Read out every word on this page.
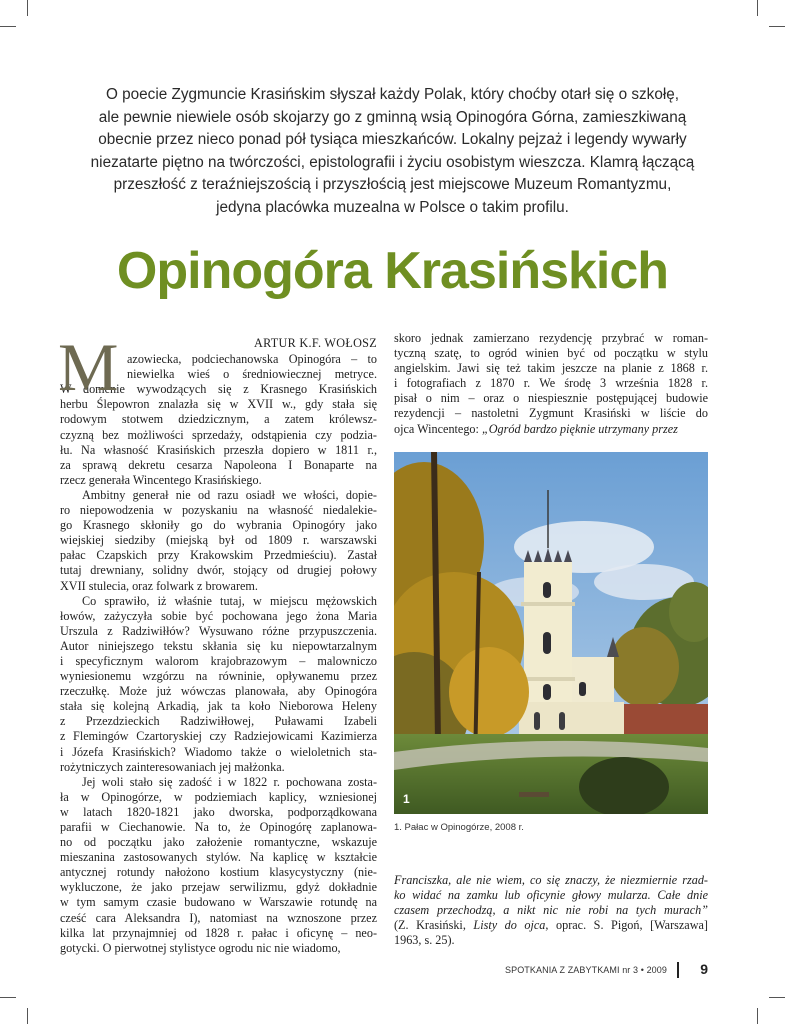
O poecie Zygmuncie Krasińskim słyszał każdy Polak, który choćby otarł się o szkołę,
ale pewnie niewiele osób skojarzy go z gminną wsią Opinogóra Górna, zamieszkiwaną
obecnie przez nieco ponad pół tysiąca mieszkańców. Lokalny pejzaż i legendy wywarły
niezatarte piętno na twórczości, epistolografii i życiu osobistym wieszcza. Klamrą łączącą
przeszłość z teraźniejszością i przyszłością jest miejscowe Muzeum Romantyzmu,
jedyna placówka muzealna w Polsce o takim profilu.
Opinogóra Krasińskich
ARTUR K.F. WOŁOSZ
M azowiecka, podciechanowska Opinogóra – to
niewielka wieś o średniowiecznej metryce.
W domenie wywodzących się z Krasnego Krasińskich
herbu Ślepowron znalazła się w XVII w., gdy stała się
rodowym stotwem dziedzicznym, a zatem królewsz-
czyzną bez możliwości sprzedaży, odstąpienia czy podzia-
łu. Na własność Krasińskich przeszła dopiero w 1811 r.,
za sprawą dekretu cesarza Napoleona I Bonaparte na
rzecz generała Wincentego Krasińskiego.
Ambitny generał nie od razu osiadł we włości, dopie-
ro niepowodzenia w pozyskaniu na własność niedalekie-
go Krasnego skłoniły go do wybrania Opinogóry jako
wiejskiej siedziby (miejską był od 1809 r. warszawski
pałac Czapskich przy Krakowskim Przedmieściu). Zastał
tutaj drewniany, solidny dwór, stojący od drugiej połowy
XVII stulecia, oraz folwark z browarem.
Co sprawiło, iż właśnie tutaj, w miejscu mężowskich
łowów, zażyczyła sobie być pochowana jego żona Maria
Urszula z Radziwiłłów? Wysuwano różne przypuszczenia.
Autor niniejszego tekstu skłania się ku niepowtarzalnym
i specyficznym walorom krajobrazowym – malowniczo
wyniesionemu wzgórzu na równinie, opływanemu przez
rzeczułkę. Może już wówczas planowała, aby Opinogóra
stała się kolejną Arkadią, jak ta koło Nieborowa Heleny
z Przezdzieckich Radziwiłłowej, Puławami Izabeli
z Flemingów Czartoryskiej czy Radziejowicami Kazimierza
i Józefa Krasińskich? Wiadomo także o wieloletnich sta-
rożytniczych zainteresowaniach jej małżonka.
Jej woli stało się zadość i w 1822 r. pochowana zosta-
ła w Opinogórze, w podziemiach kaplicy, wzniesionej
w latach 1820-1821 jako dworska, podporządkowana
parafii w Ciechanowie. Na to, że Opinogórę zaplanowa-
no od początku jako założenie romantyczne, wskazuje
mieszanina zastosowanych stylów. Na kaplicę w kształcie
antycznej rotundy nałożono kostium klasycystyczny (nie-
wykluczone, że jako przejaw serwilizmu, gdyż dokładnie
w tym samym czasie budowano w Warszawie rotundę na
cześć cara Aleksandra I), natomiast na wznoszone przez
kilka lat przynajmniej od 1828 r. pałac i oficynę – neo-
gotycki. O pierwotnej stylistyce ogrodu nic nie wiadomo,
skoro jednak zamierzano rezydencję przybrać w roman-
tyczną szatę, to ogród winien być od początku w stylu
angielskim. Jawi się też takim jeszcze na planie z 1868 r.
i fotografiach z 1870 r. We środę 3 września 1828 r.
pisał o nim – oraz o niespiesznie postępującej budowie
rezydencji – nastoletni Zygmunt Krasiński w liście do
ojca Wincentego: „Ogród bardzo pięknie utrzymany przez
1
1. Pałac w Opinogórze, 2008 r.
Franciszka, ale nie wiem, co się znaczy, że niezmiernie rzad-
ko widać na zamku lub oficynie głowy mularza. Całe dnie
czasem przechodzą, a nikt nic nie robi na tych murach”
(Z. Krasiński, Listy do ojca, oprac. S. Pigoń, [Warszawa]
1963, s. 25).
SPOTKANIA Z ZABYTKAMI nr 3 • 2009 9
